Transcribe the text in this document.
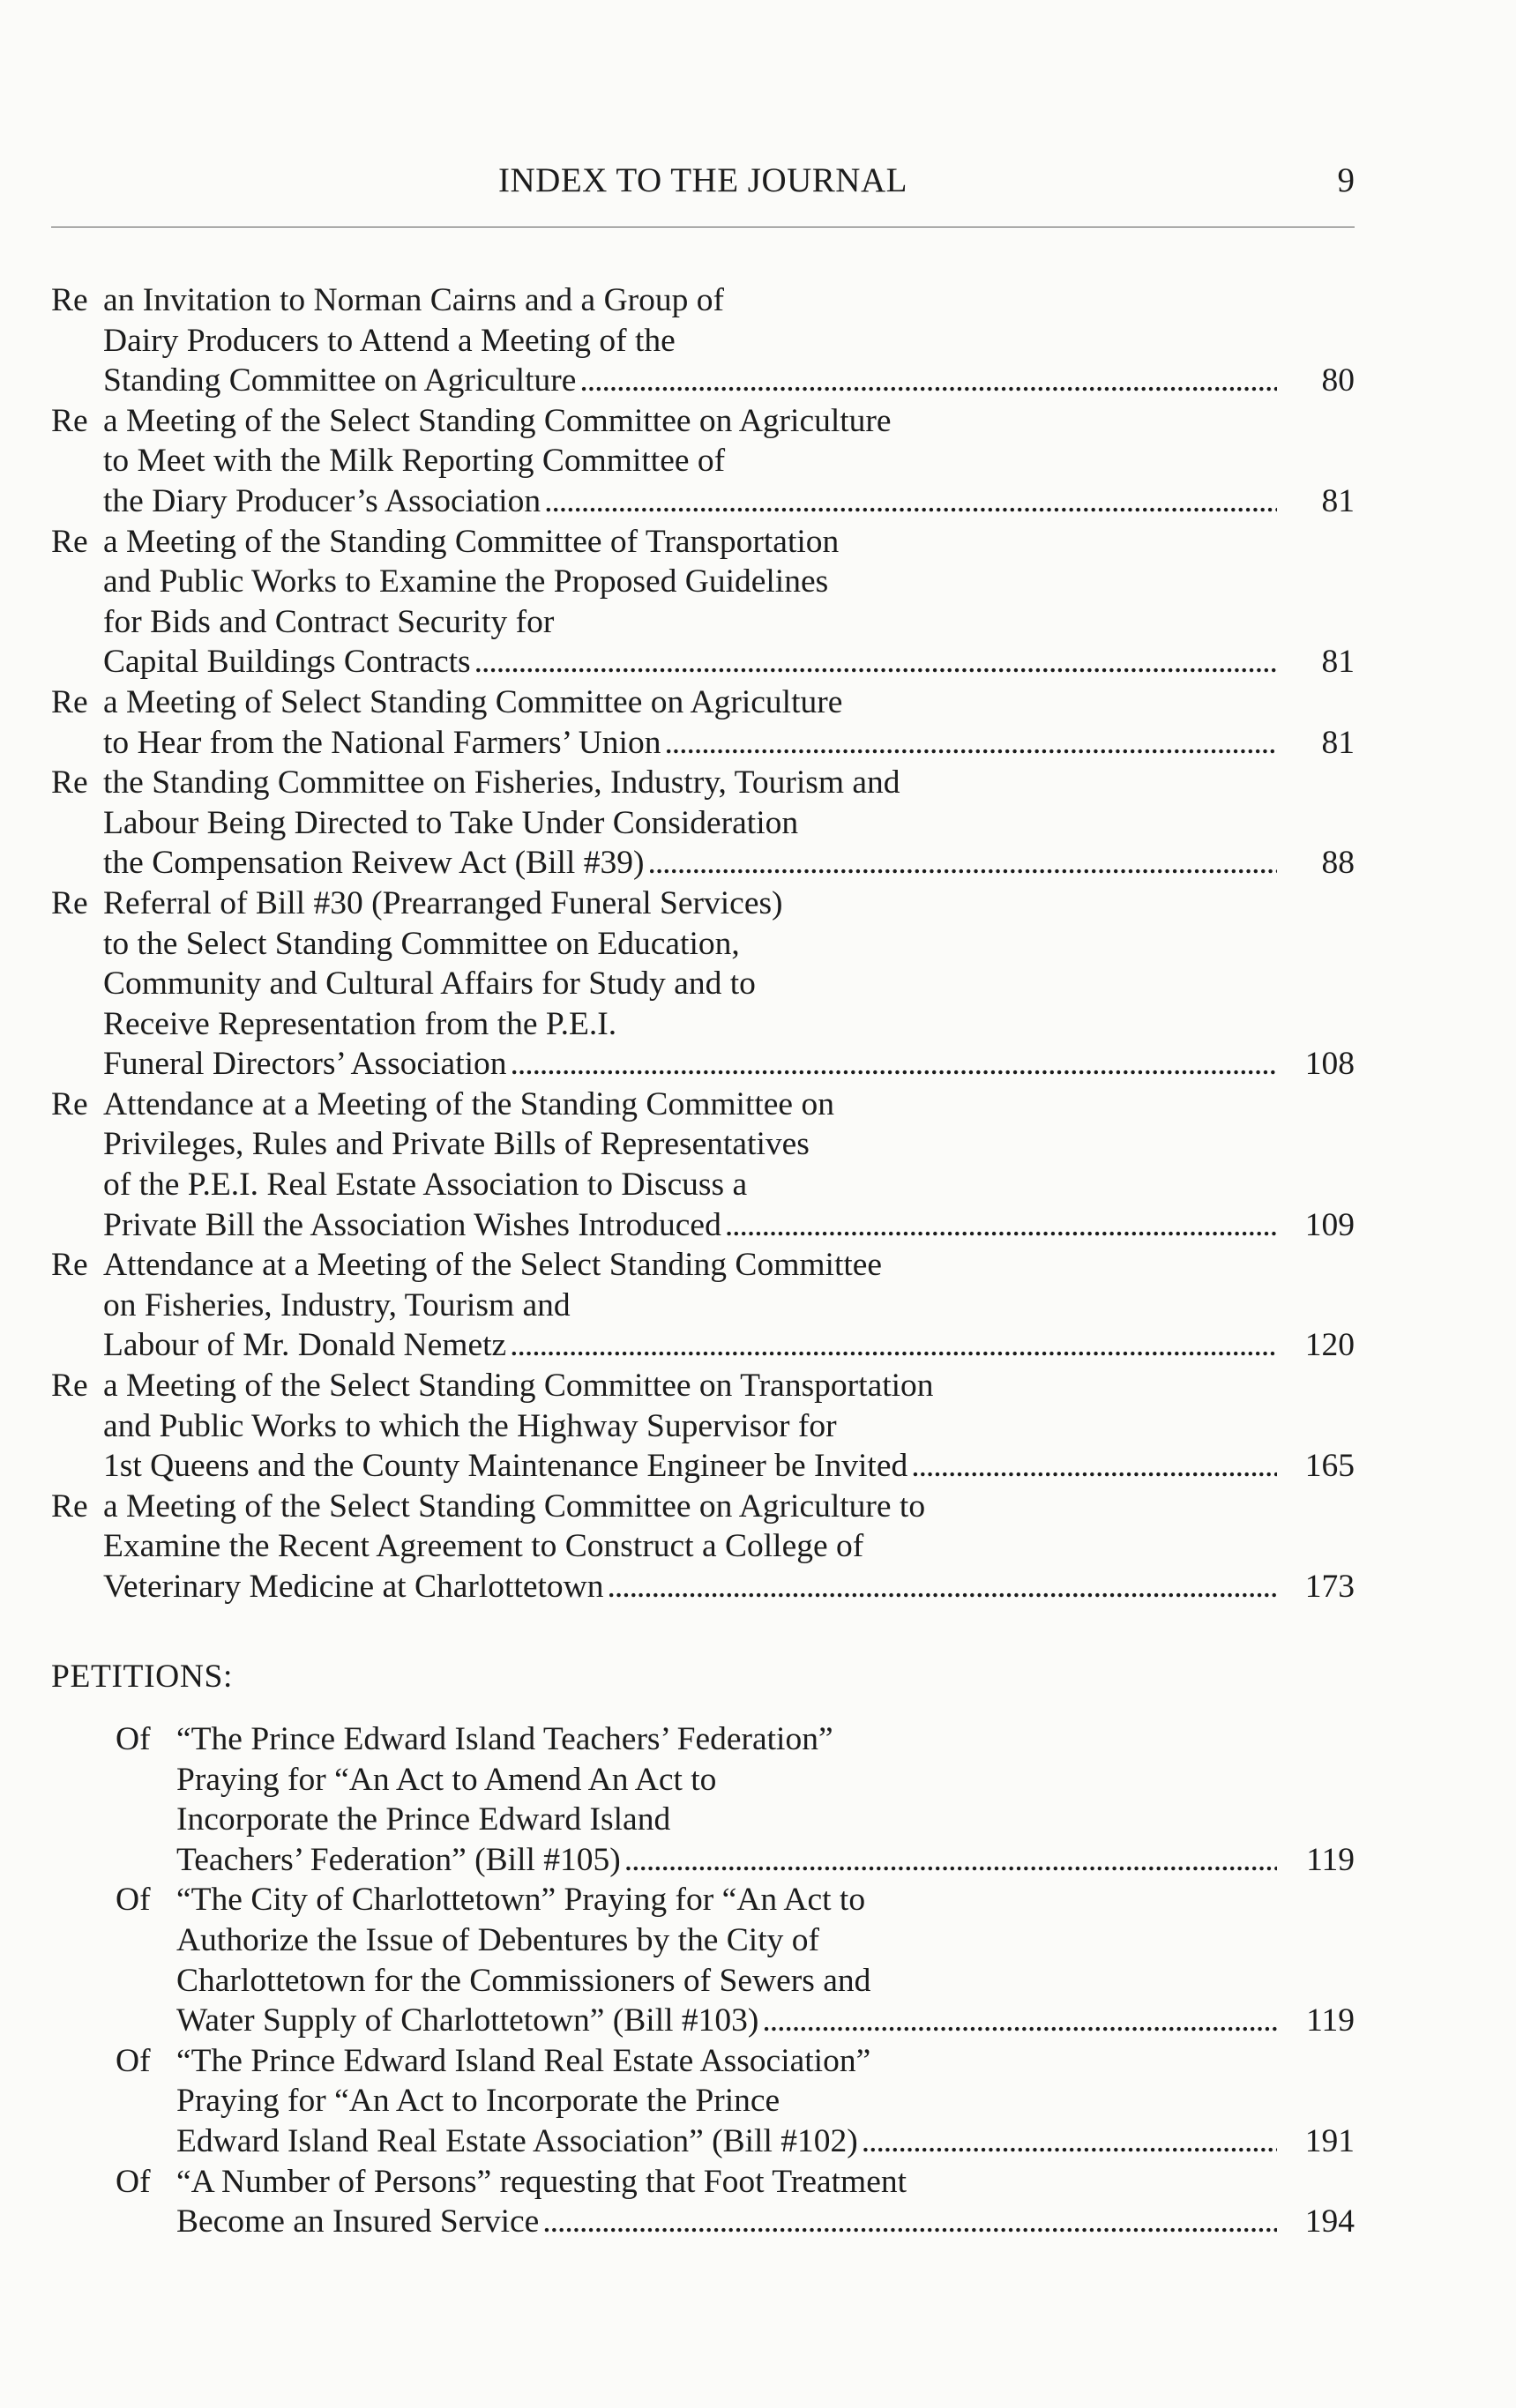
INDEX TO THE JOURNAL	9
Re an Invitation to Norman Cairns and a Group of
Dairy Producers to Attend a Meeting of the
Standing Committee on Agriculture . . .	80
Re a Meeting of the Select Standing Committee on Agriculture
to Meet with the Milk Reporting Committee of
the Diary Producer’s Association . . .	81
Re a Meeting of the Standing Committee of Transportation
and Public Works to Examine the Proposed Guidelines
for Bids and Contract Security for
Capital Buildings Contracts . . .	81
Re a Meeting of Select Standing Committee on Agriculture
to Hear from the National Farmers’ Union . . .	81
Re the Standing Committee on Fisheries, Industry, Tourism and
Labour Being Directed to Take Under Consideration
the Compensation Reivew Act (Bill #39) . . .	88
Re Referral of Bill #30 (Prearranged Funeral Services)
to the Select Standing Committee on Education,
Community and Cultural Affairs for Study and to
Receive Representation from the P.E.I.
Funeral Directors’ Association . . .	108
Re Attendance at a Meeting of the Standing Committee on
Privileges, Rules and Private Bills of Representatives
of the P.E.I. Real Estate Association to Discuss a
Private Bill the Association Wishes Introduced . . .	109
Re Attendance at a Meeting of the Select Standing Committee
on Fisheries, Industry, Tourism and
Labour of Mr. Donald Nemetz . . .	120
Re a Meeting of the Select Standing Committee on Transportation
and Public Works to which the Highway Supervisor for
1st Queens and the County Maintenance Engineer be Invited . . .	165
Re a Meeting of the Select Standing Committee on Agriculture to
Examine the Recent Agreement to Construct a College of
Veterinary Medicine at Charlottetown . . .	173
PETITIONS:
Of “The Prince Edward Island Teachers’ Federation”
Praying for “An Act to Amend An Act to
Incorporate the Prince Edward Island
Teachers’ Federation” (Bill #105) . . .	119
Of “The City of Charlottetown” Praying for “An Act to
Authorize the Issue of Debentures by the City of
Charlottetown for the Commissioners of Sewers and
Water Supply of Charlottetown” (Bill #103) . . .	119
Of “The Prince Edward Island Real Estate Association”
Praying for “An Act to Incorporate the Prince
Edward Island Real Estate Association” (Bill #102) . . .	191
Of “A Number of Persons” requesting that Foot Treatment
Become an Insured Service . . .	194
